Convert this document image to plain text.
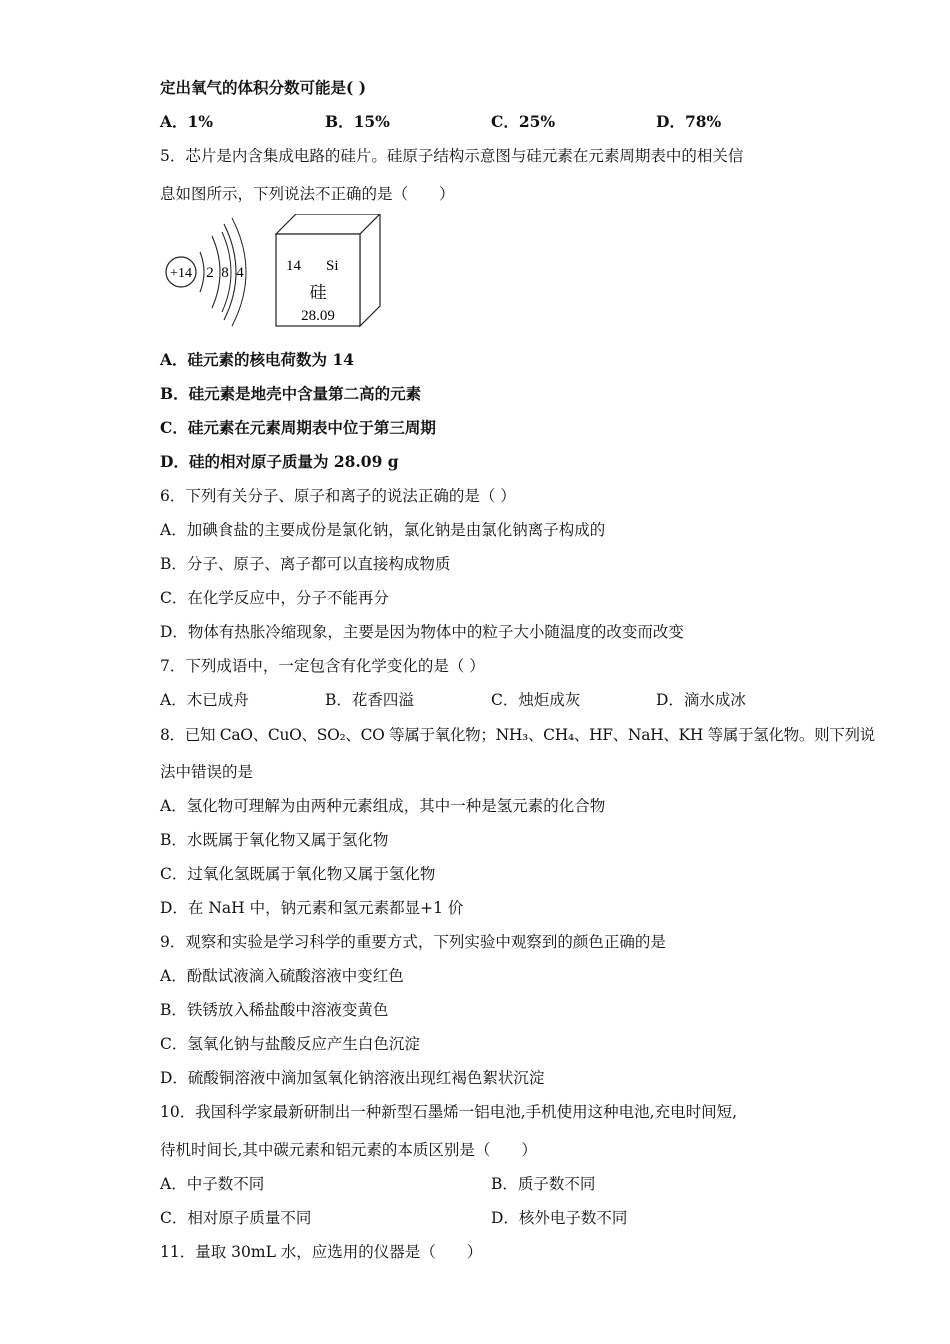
定出氧气的体积分数可能是( )
A．1%	B．15%	C．25%	D．78%
5．芯片是内含集成电路的硅片。硅原子结构示意图与硅元素在元素周期表中的相关信
息如图所示，下列说法不正确的是（　　）
+14 2 8 4	14 Si
硅
28.09
A．硅元素的核电荷数为 14
B．硅元素是地壳中含量第二高的元素
C．硅元素在元素周期表中位于第三周期
D．硅的相对原子质量为 28.09 g
6．下列有关分子、原子和离子的说法正确的是（ ）
A．加碘食盐的主要成份是氯化钠，氯化钠是由氯化钠离子构成的
B．分子、原子、离子都可以直接构成物质
C．在化学反应中，分子不能再分
D．物体有热胀冷缩现象，主要是因为物体中的粒子大小随温度的改变而改变
7．下列成语中，一定包含有化学变化的是（ ）
A．木已成舟	B．花香四溢	C．烛炬成灰	D．滴水成冰
8．已知 CaO、CuO、SO₂、CO 等属于氧化物；NH₃、CH₄、HF、NaH、KH 等属于氢化物。则下列说
法中错误的是
A．氢化物可理解为由两种元素组成，其中一种是氢元素的化合物
B．水既属于氧化物又属于氢化物
C．过氧化氢既属于氧化物又属于氢化物
D．在 NaH 中，钠元素和氢元素都显+1 价
9．观察和实验是学习科学的重要方式，下列实验中观察到的颜色正确的是
A．酚酞试液滴入硫酸溶液中变红色
B．铁锈放入稀盐酸中溶液变黄色
C．氢氧化钠与盐酸反应产生白色沉淀
D．硫酸铜溶液中滴加氢氧化钠溶液出现红褐色絮状沉淀
10．我国科学家最新研制出一种新型石墨烯一铝电池,手机使用这种电池,充电时间短,
待机时间长,其中碳元素和铝元素的本质区别是（　　）
A．中子数不同	B．质子数不同
C．相对原子质量不同	D．核外电子数不同
11．量取 30mL 水，应选用的仪器是（　　）
